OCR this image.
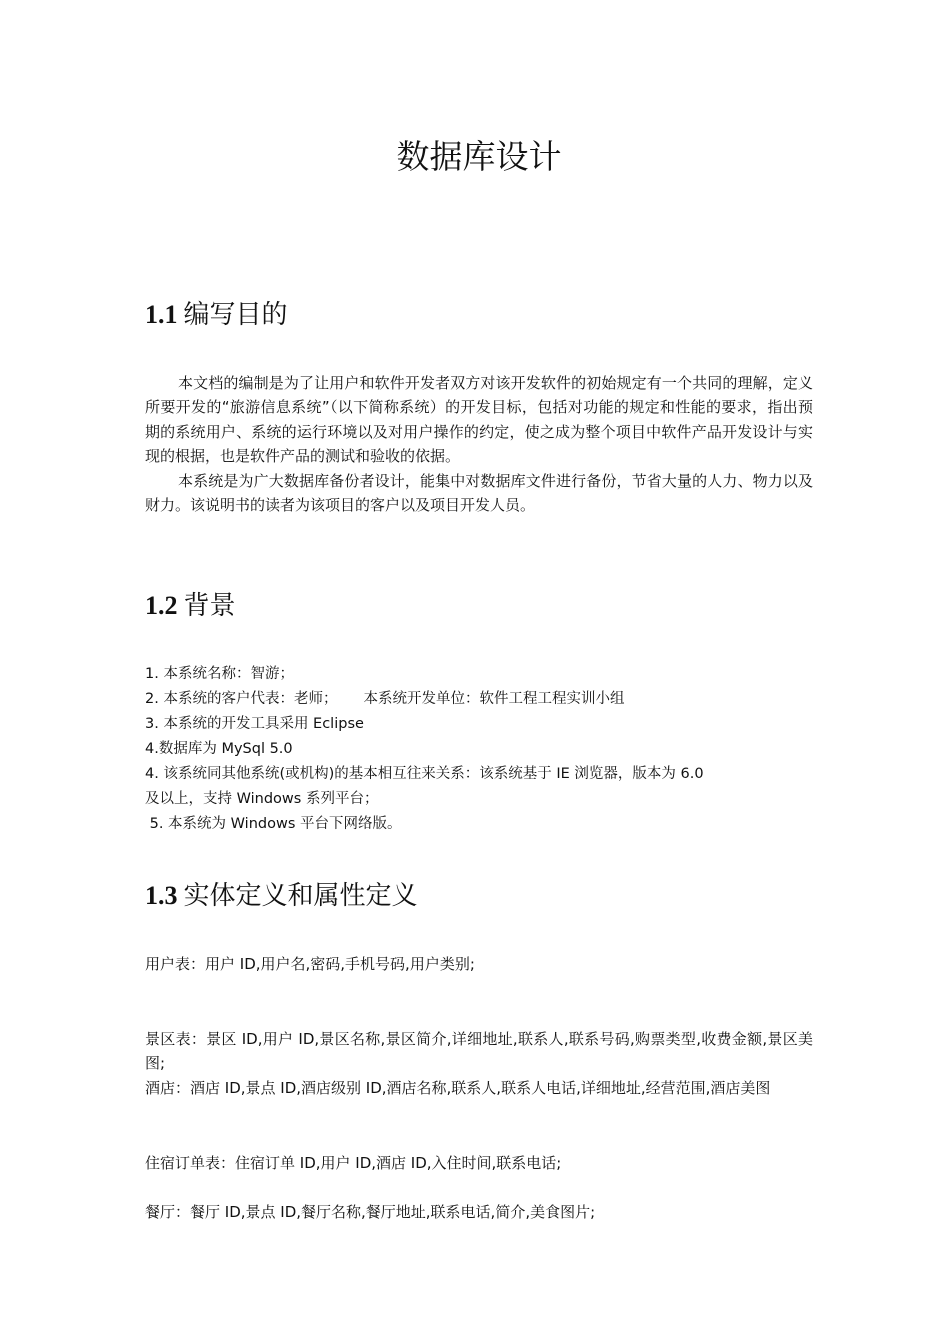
数据库设计
1.1 编写目的

本文档的编制是为了让用户和软件开发者双方对该开发软件的初始规定有一个共同的理解，定义所要开发的“旅游信息系统”（以下简称系统）的开发目标，包括对功能的规定和性能的要求，指出预期的系统用户、系统的运行环境以及对用户操作的约定，使之成为整个项目中软件产品开发设计与实现的根据，也是软件产品的测试和验收的依据。

本系统是为广大数据库备份者设计，能集中对数据库文件进行备份，节省大量的人力、物力以及财力。该说明书的读者为该项目的客户以及项目开发人员。

1.2 背景
1. 本系统名称：智游；
2. 本系统的客户代表：老师； 本系统开发单位：软件工程工程实训小组
3. 本系统的开发工具采用 Eclipse
4.数据库为 MySql 5.0
4. 该系统同其他系统(或机构)的基本相互往来关系：该系统基于 IE 浏览器，版本为 6.0
及以上，支持 Windows 系列平台；
5. 本系统为 Windows 平台下网络版。
1.3 实体定义和属性定义

用户表：用户 ID,用户名,密码,手机号码,用户类别;

景区表：景区 ID,用户 ID,景区名称,景区简介,详细地址,联系人,联系号码,购票类型,收费金额,景区美图;

酒店：酒店 ID,景点 ID,酒店级别 ID,酒店名称,联系人,联系人电话,详细地址,经营范围,酒店美图

住宿订单表：住宿订单 ID,用户 ID,酒店 ID,入住时间,联系电话;

餐厅：餐厅 ID,景点 ID,餐厅名称,餐厅地址,联系电话,简介,美食图片;
